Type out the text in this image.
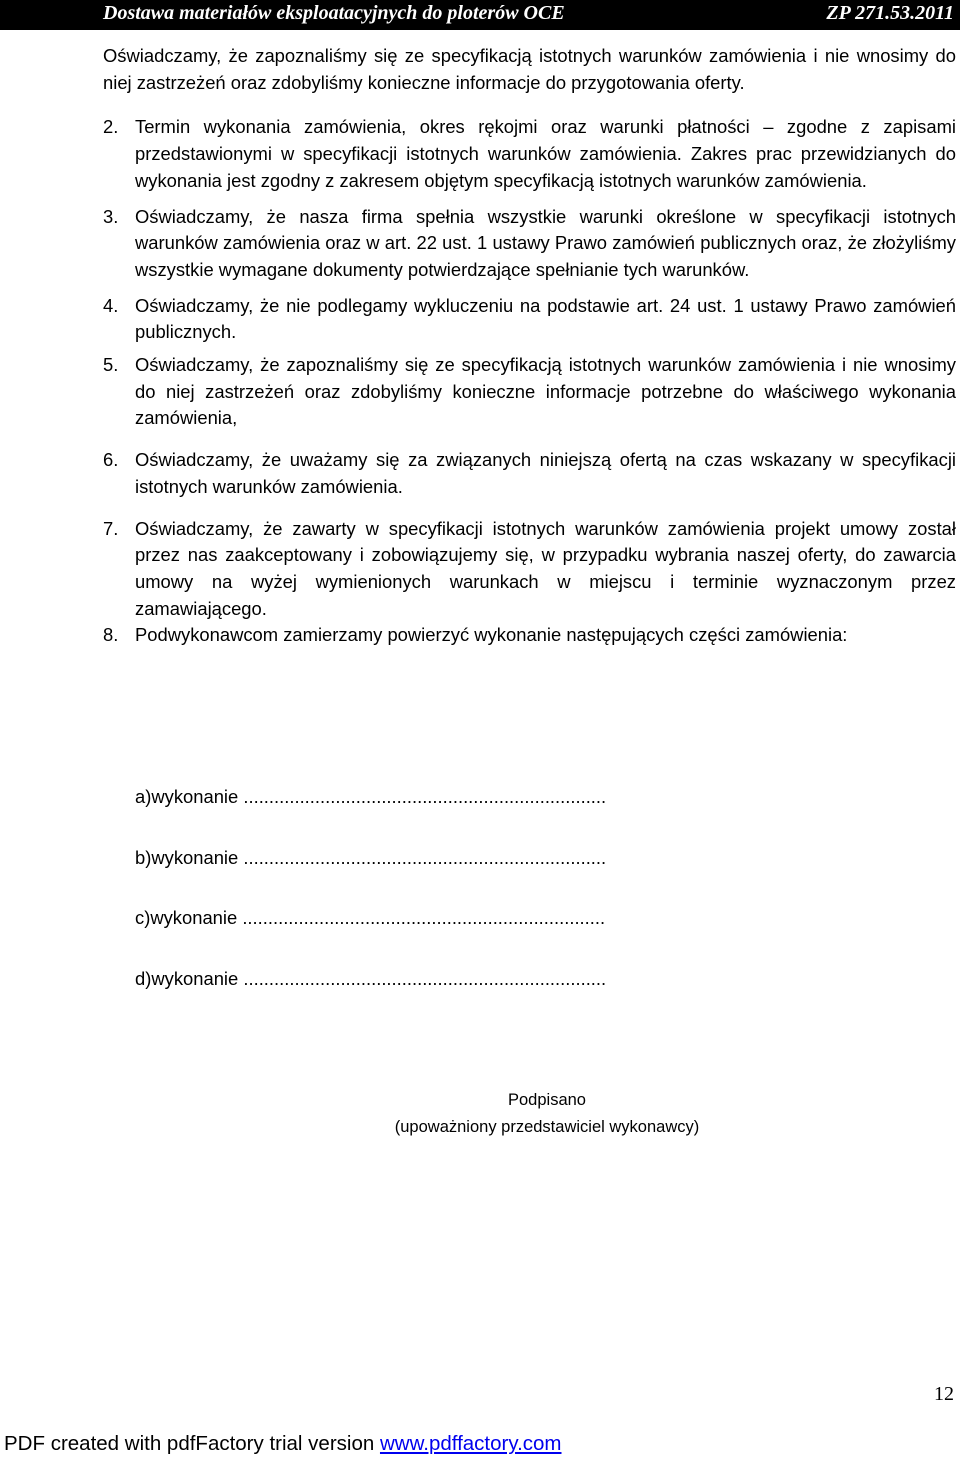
Dostawa materiałów eksploatacyjnych do ploterów OCE	ZP 271.53.2011

Oświadczamy, że zapoznaliśmy się ze specyfikacją istotnych warunków zamówienia i nie wnosimy do niej zastrzeżeń oraz zdobyliśmy konieczne informacje do przygotowania oferty.

2. Termin wykonania zamówienia, okres rękojmi oraz warunki płatności – zgodne z zapisami przedstawionymi w specyfikacji istotnych warunków zamówienia. Zakres prac przewidzianych do wykonania jest zgodny z zakresem objętym specyfikacją istotnych warunków zamówienia.
3. Oświadczamy, że nasza firma spełnia wszystkie warunki określone w specyfikacji istotnych warunków zamówienia oraz w art. 22 ust. 1 ustawy Prawo zamówień publicznych oraz, że złożyliśmy wszystkie wymagane dokumenty potwierdzające spełnianie tych warunków.
4. Oświadczamy, że nie podlegamy wykluczeniu na podstawie art. 24 ust. 1 ustawy Prawo zamówień publicznych.
5. Oświadczamy, że zapoznaliśmy się ze specyfikacją istotnych warunków zamówienia i nie wnosimy do niej zastrzeżeń oraz zdobyliśmy konieczne informacje potrzebne do właściwego wykonania zamówienia,
6. Oświadczamy, że uważamy się za związanych niniejszą ofertą na czas wskazany w specyfikacji istotnych warunków zamówienia.
7. Oświadczamy, że zawarty w specyfikacji istotnych warunków zamówienia projekt umowy został przez nas zaakceptowany i zobowiązujemy się, w przypadku wybrania naszej oferty, do zawarcia umowy na wyżej wymienionych warunkach w miejscu i terminie wyznaczonym przez zamawiającego.
8. Podwykonawcom zamierzamy powierzyć wykonanie następujących części zamówienia:
a)wykonanie .......................................................................
b)wykonanie .......................................................................
c)wykonanie .......................................................................
d)wykonanie .......................................................................
Podpisano
(upoważniony przedstawiciel wykonawcy)
12
PDF created with pdfFactory trial version www.pdffactory.com
